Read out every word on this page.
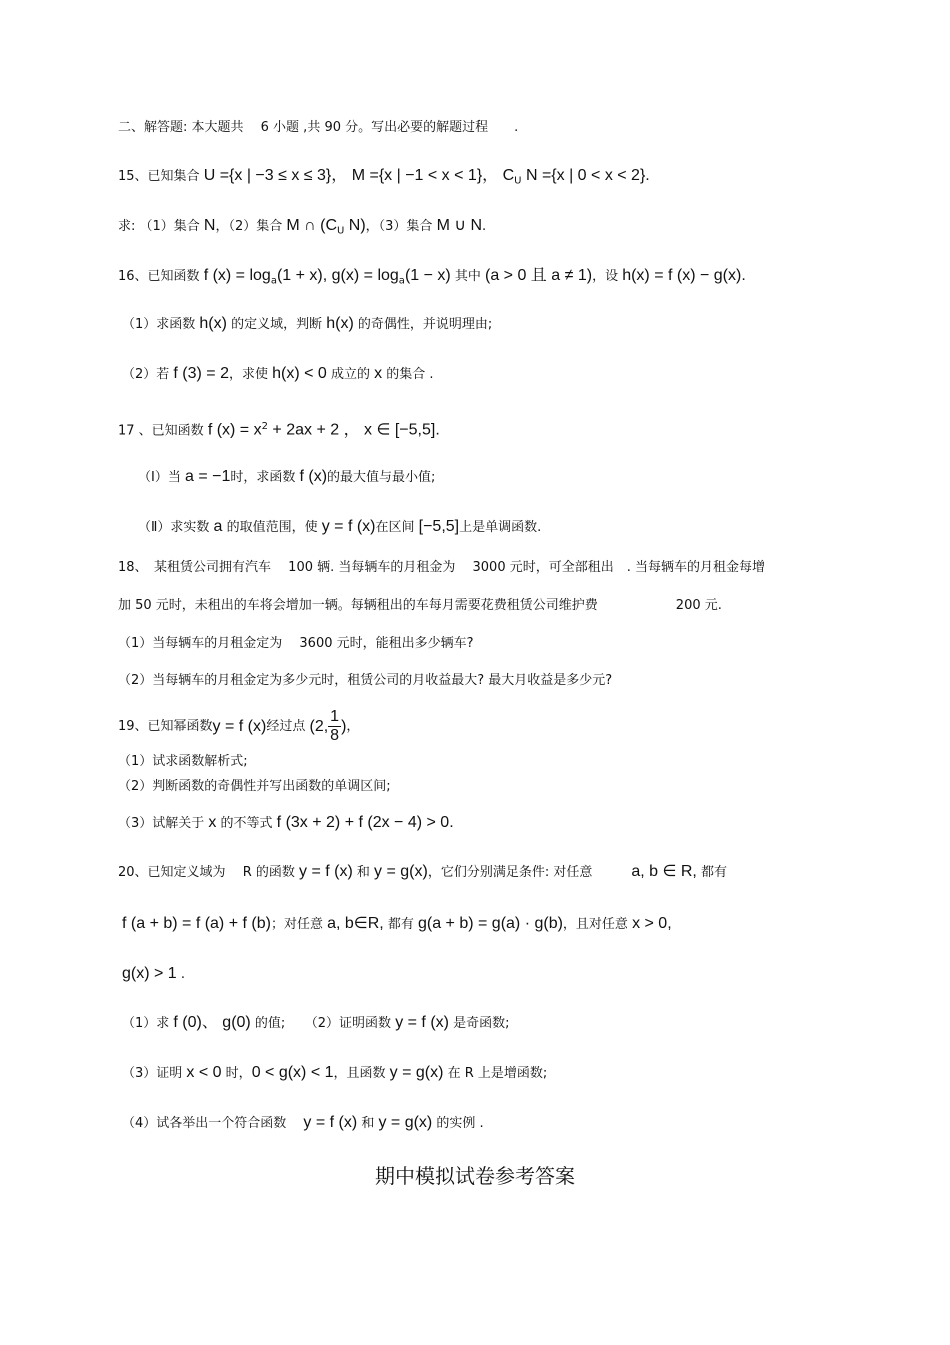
二、解答题: 本大题共　 6 小题 ,共 90 分。写出必要的解题过程　　.
15、已知集合 U ={x | −3 ≤ x ≤ 3}， M ={x | −1 < x < 1}， $C_U$ N ={x | 0 < x < 2}.
求: （1）集合 N，（2）集合 M ∩ ($C_U$ N)，（3）集合 M ∪ N.
16、已知函数 f $(x) = \log_a(1 + x)$, $g(x) = \log_a(1 - x)$ 其中 (a > 0 且 a ≠ 1)，设 h(x) = f (x) − g(x).
（1）求函数 h(x) 的定义域，判断 h(x) 的奇偶性，并说明理由;
（2）若 f (3) = 2，求使 h(x) < 0 成立的 x 的集合 .
17 、已知函数 f $(x) = x^2 + 2ax + 2$ ， x ∈ [−5,5].
（Ⅰ）当 a = −1时，求函数 f (x)的最大值与最小值;
（Ⅱ）求实数 a 的取值范围，使 y = f (x)在区间 [−5,5]上是单调函数.
18、　某租赁公司拥有汽车　 100 辆. 当每辆车的月租金为　 3000 元时，可全部租出　. 当每辆车的月租金每增
加 50 元时，未租出的车将会增加一辆。每辆租出的车每月需要花费租赁公司维护费　　　　　　200 元.
（1）当每辆车的月租金定为　 3600 元时，能租出多少辆车?
（2）当每辆车的月租金定为多少元时，租赁公司的月收益最大? 最大月收益是多少元?
19、已知幂函数y = f (x)经过点 (2, $\frac{1}{8}$ )，
（1）试求函数解析式;
（2）判断函数的奇偶性并写出函数的单调区间;
（3）试解关于 x 的不等式 f (3x + 2) + f (2x − 4) > 0.
20、已知定义域为　 R 的函数 y = f (x) 和 y = g(x)，它们分别满足条件: 对任意　　　a, b ∈ R, 都有
f (a + b) = f (a) + f (b)；对任意 a, b∈R, 都有 g(a + b) = g(a) · g(b)，且对任意 x > 0,
g(x) > 1 .
（1）求 f (0)、 g(0) 的值;　　（2）证明函数 y = f (x) 是奇函数;
（3）证明 x < 0 时，0 < g(x) < 1，且函数 y = g(x) 在 R 上是增函数;
（4）试各举出一个符合函数　 y = f (x) 和 y = g(x) 的实例 .
期中模拟试卷参考答案
